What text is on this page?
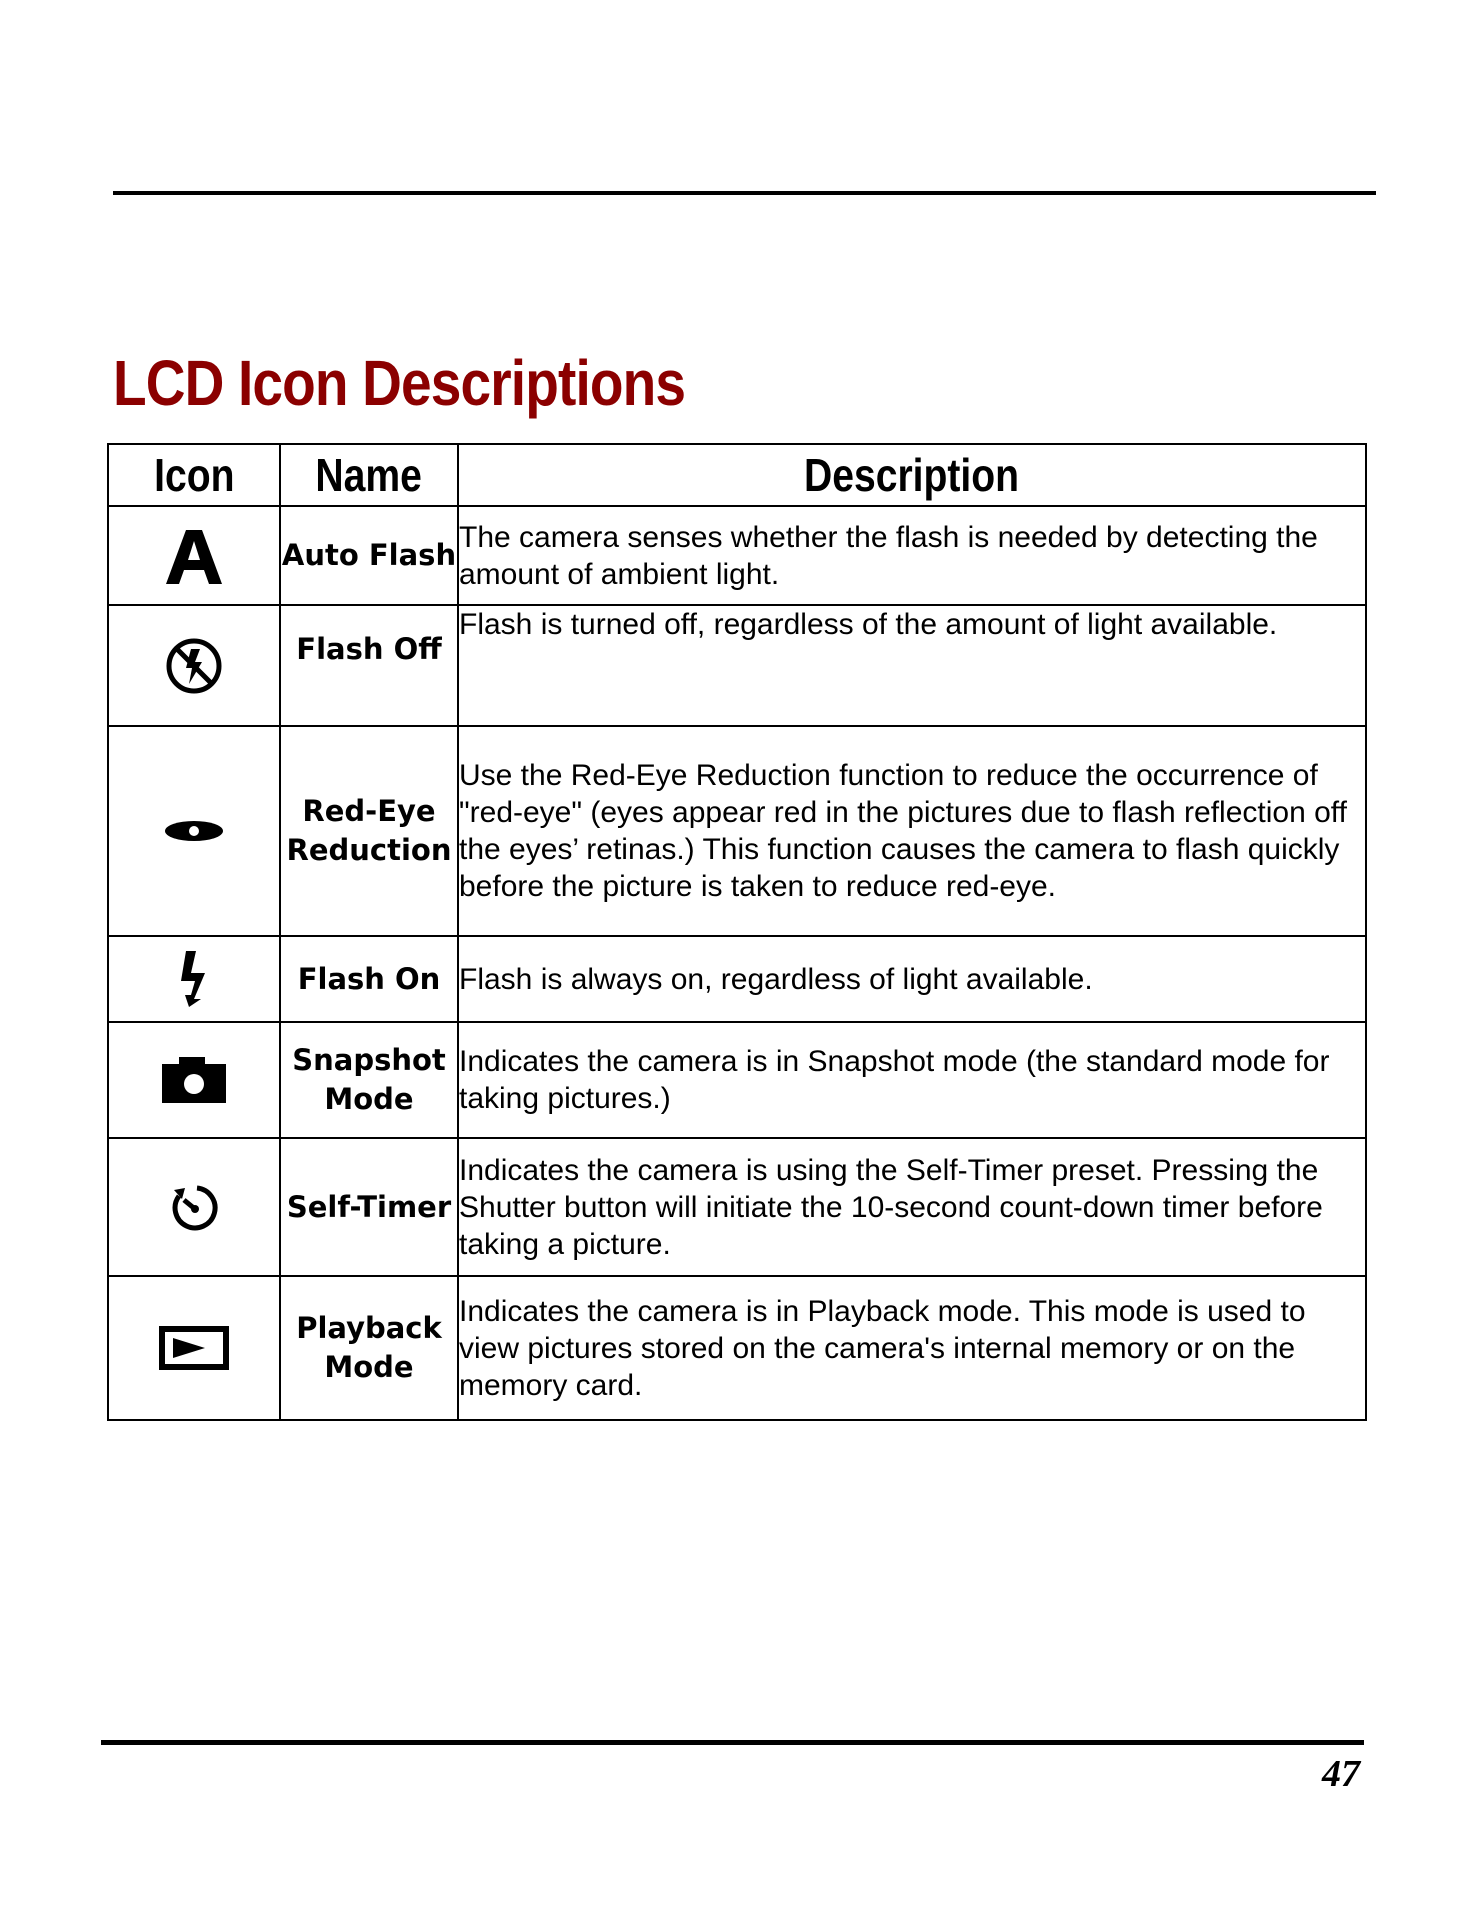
LCD Icon Descriptions
Icon	Name	Description

	Auto Flash	The camera senses whether the flash is needed by detecting the amount of ambient light.

	Flash Off	Flash is turned off, regardless of the amount of light available.

	Red-Eye Reduction	Use the Red-Eye Reduction function to reduce the occurrence of "red-eye" (eyes appear red in the pictures due to flash reflection off the eyes’ retinas.) This function causes the camera to flash quickly before the picture is taken to reduce red-eye.

	Flash On	Flash is always on, regardless of light available.

	Snapshot Mode	Indicates the camera is in Snapshot mode (the standard mode for taking pictures.)

	Self-Timer	Indicates the camera is using the Self-Timer preset. Pressing the Shutter button will initiate the 10-second count-down timer before taking a picture.

	Playback Mode	Indicates the camera is in Playback mode. This mode is used to view pictures stored on the camera's internal memory or on the memory card.
47
